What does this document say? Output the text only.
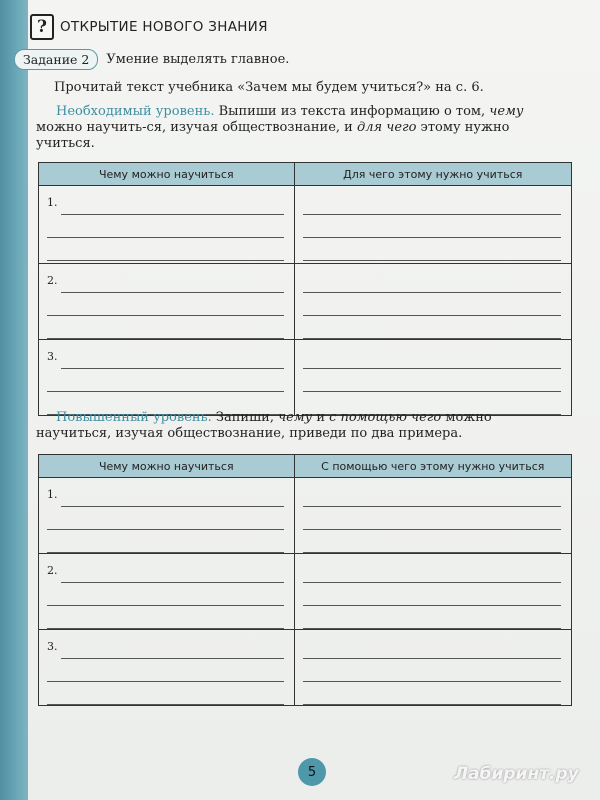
? ОТКРЫТИЕ НОВОГО ЗНАНИЯ
Задание 2	Умение выделять главное.
Прочитай текст учебника «Зачем мы будем учиться?» на с. 6.
Необходимый уровень. Выпиши из текста информацию о том, чему можно научить-ся, изучая обществознание, и для чего этому нужно учиться.
Чему можно научиться	Для чего этому нужно учиться

1.	

2.	

3.	

Повышенный уровень. Запиши, чему и с помощью чего можно научиться, изучая обществознание, приведи по два примера.
Чему можно научиться	С помощью чего этому нужно учиться

1.	

2.	

3.	

5	Лабиринт.ру
